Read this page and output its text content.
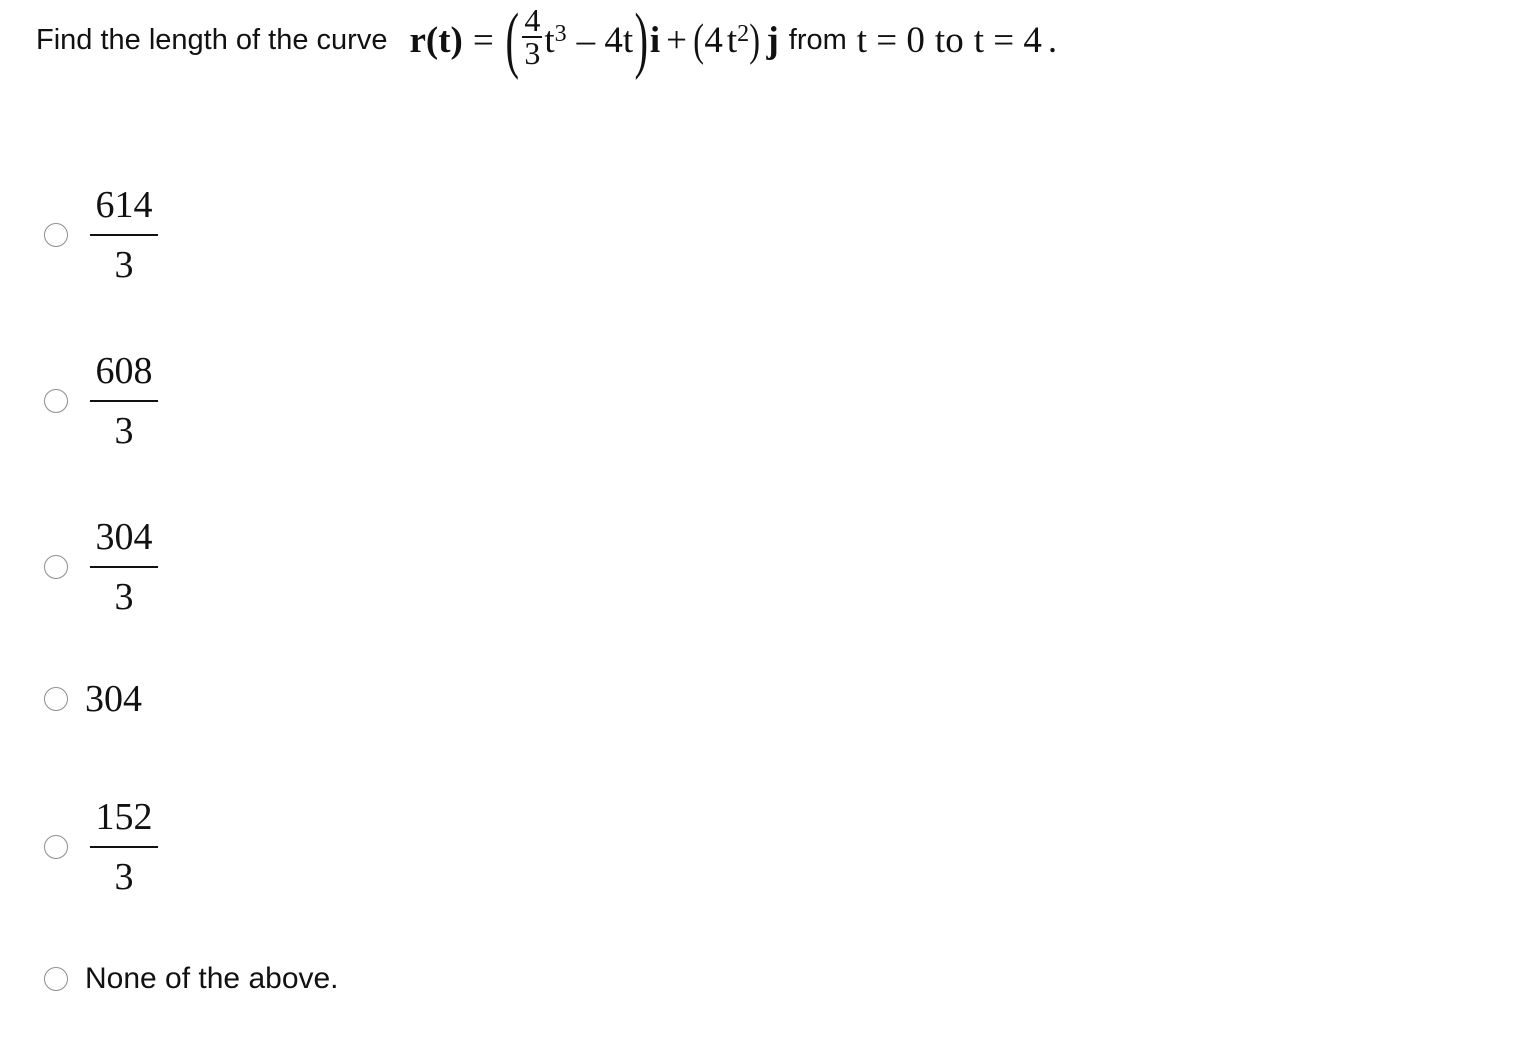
Find the length of the curve r(t) = ( $\frac{4}{3} t^3 - 4t$ ) i + ( 4 $t^2$ ) j from t = 0 to t = 4 .
614
3
608
3
304
3
304
152
3
None of the above.
